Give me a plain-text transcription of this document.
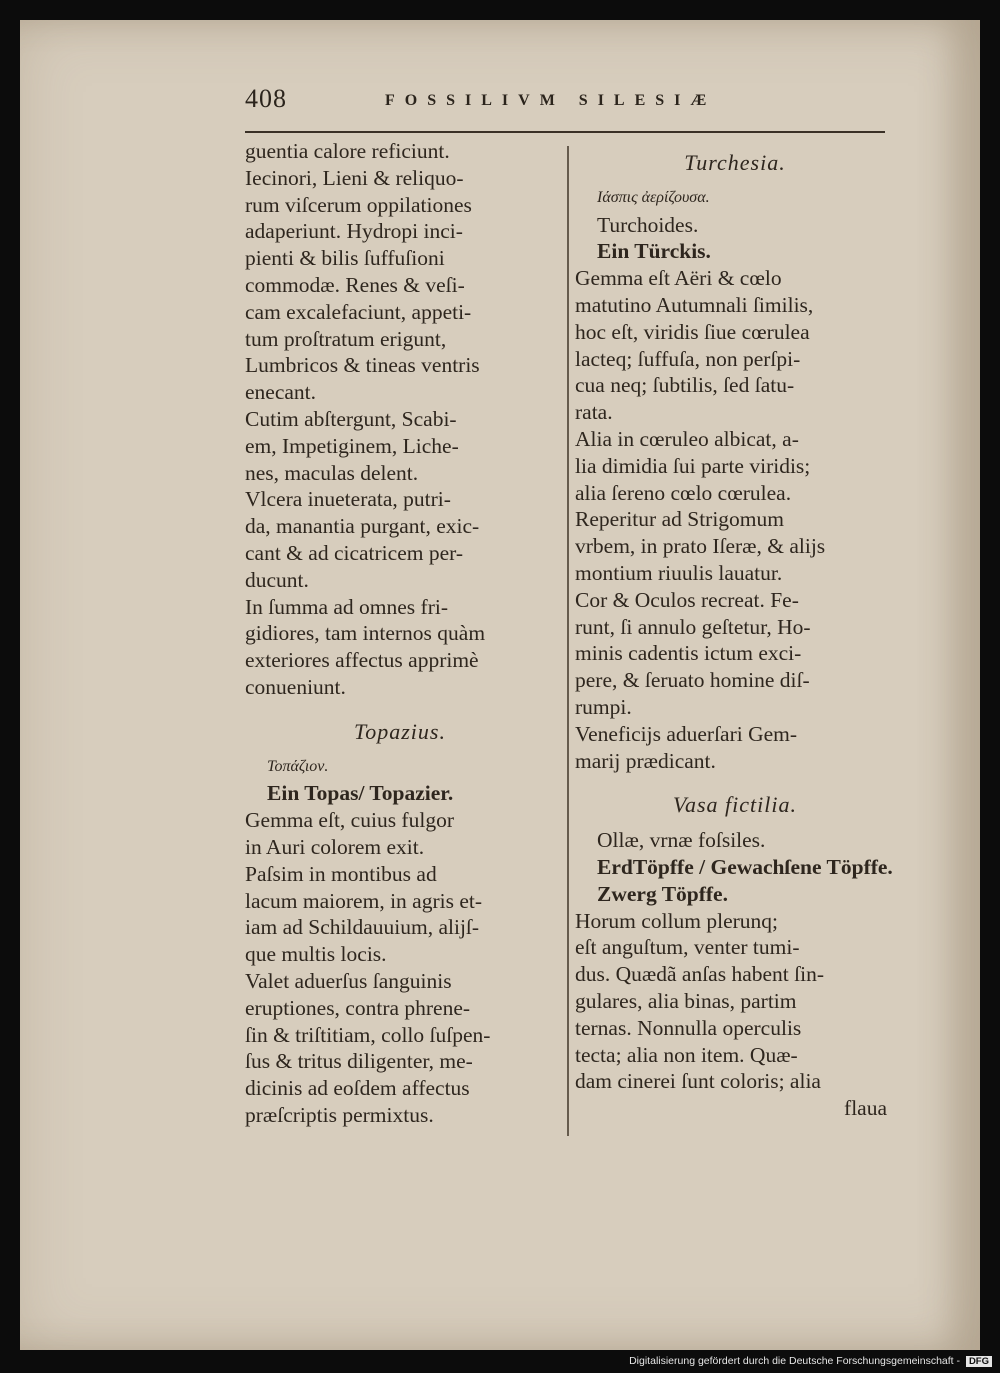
408	FOSSILIVM SILESIÆ
guentia calore reficiunt.
Iecinori, Lieni & reliquo-
rum viſcerum oppilationes
adaperiunt. Hydropi inci-
pienti & bilis ſuffuſioni
commodæ. Renes & veſi-
cam excalefaciunt, appeti-
tum proſtratum erigunt,
Lumbricos & tineas ventris
enecant.
Cutim abſtergunt, Scabi-
em, Impetiginem, Liche-
nes, maculas delent.
Vlcera inueterata, putri-
da, manantia purgant, exic-
cant & ad cicatricem per-
ducunt.
In ſumma ad omnes fri-
gidiores, tam internos quàm
exteriores affectus apprimè
conueniunt.
Topazius.
Τοπάζιον.
Ein Topas/ Topazier.
Gemma eſt, cuius fulgor
in Auri colorem exit.
Paſsim in montibus ad
lacum maiorem, in agris et-
iam ad Schildauuium, alijſ-
que multis locis.
Valet aduerſus ſanguinis
eruptiones, contra phrene-
ſin & triſtitiam, collo ſuſpen-
ſus & tritus diligenter, me-
dicinis ad eoſdem affectus
præſcriptis permixtus.
Turchesia.
Ιάσπις ἀερίζουσα.
Turchoides.
Ein Türckis.
Gemma eſt Aëri & cœlo
matutino Autumnali ſimilis,
hoc eſt, viridis ſiue cœrulea
lacteq; ſuffuſa, non perſpi-
cua neq; ſubtilis, ſed ſatu-
rata.
Alia in cœruleo albicat, a-
lia dimidia ſui parte viridis;
alia ſereno cœlo cœrulea.
Reperitur ad Strigomum
vrbem, in prato Iſeræ, & alijs
montium riuulis lauatur.
Cor & Oculos recreat. Fe-
runt, ſi annulo geſtetur, Ho-
minis cadentis ictum exci-
pere, & ſeruato homine diſ-
rumpi.
Veneficijs aduerſari Gem-
marij prædicant.
Vasa fictilia.
Ollæ, vrnæ foſsiles.
ErdTöpffe / Gewachſene Töpffe.
Zwerg Töpffe.
Horum collum plerunq;
eſt anguſtum, venter tumi-
dus. Quædã anſas habent ſin-
gulares, alia binas, partim
ternas. Nonnulla operculis
tecta; alia non item. Quæ-
dam cinerei ſunt coloris; alia
flaua
Digitalisierung gefördert durch die Deutsche Forschungsgemeinschaft - DFG
